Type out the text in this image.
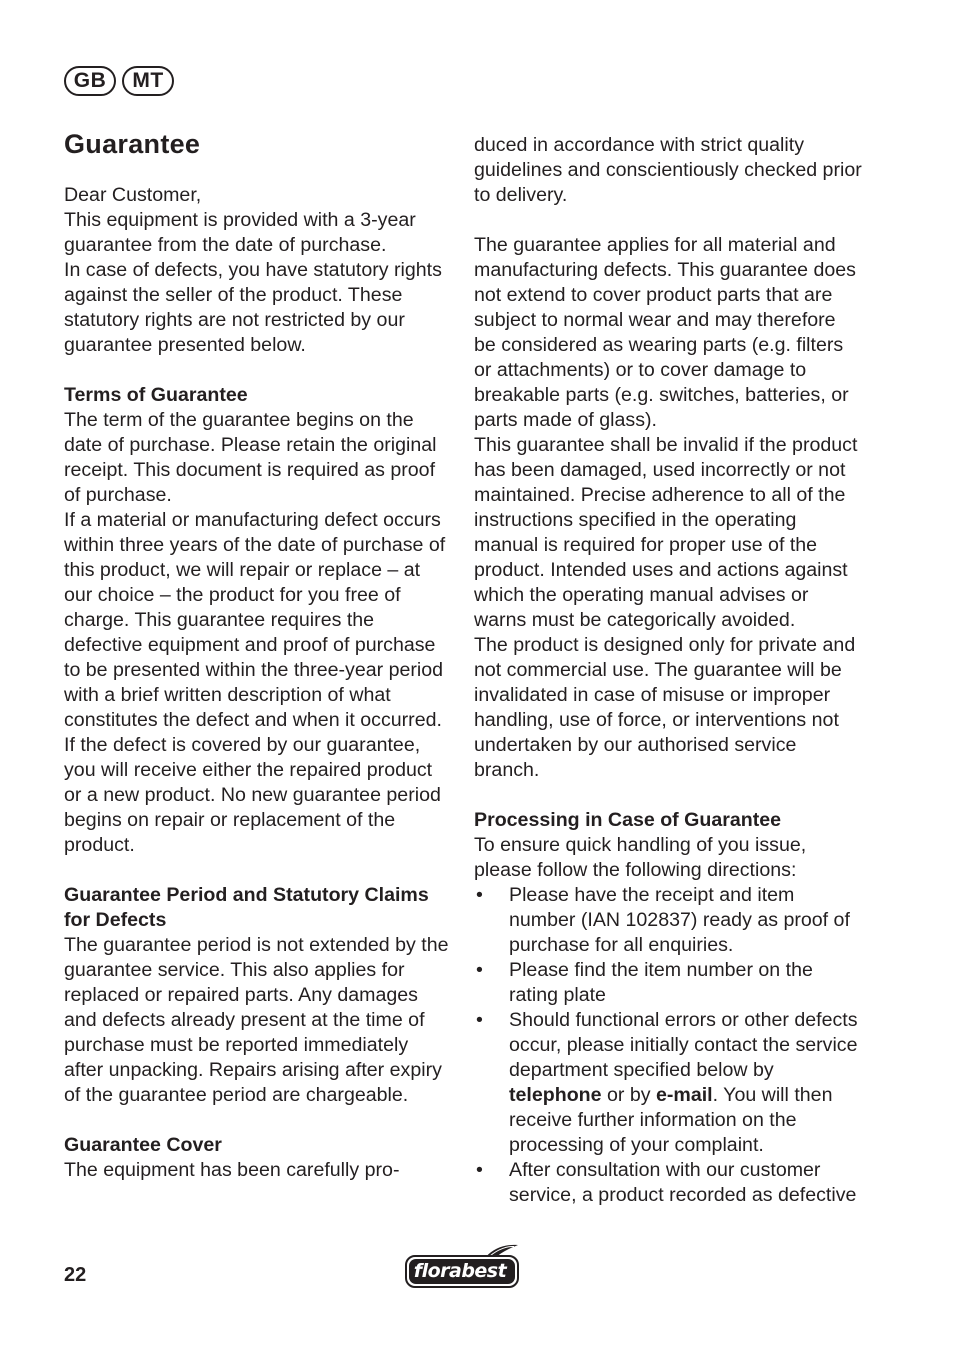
GB	MT
Guarantee

Dear Customer,

This equipment is provided with a 3-year guarantee from the date of purchase.

In case of defects, you have statutory rights against the seller of the product. These statutory rights are not restricted by our guarantee presented below.

Terms of Guarantee

The term of the guarantee begins on the date of purchase. Please retain the original receipt. This document is required as proof of purchase.

If a material or manufacturing defect occurs within three years of the date of purchase of this product, we will repair or replace – at our choice – the product for you free of charge. This guarantee requires the defective equipment and proof of purchase to be presented within the three-year period with a brief written description of what constitutes the defect and when it occurred.

If the defect is covered by our guarantee, you will receive either the repaired product or a new product. No new guarantee period begins on repair or replacement of the product.

Guarantee Period and Statutory Claims for Defects

The guarantee period is not extended by the guarantee service. This also applies for replaced or repaired parts. Any damages and defects already present at the time of purchase must be reported immediately after unpacking. Repairs arising after expiry of the guarantee period are chargeable.

Guarantee Cover

The equipment has been carefully pro-

duced in accordance with strict quality guidelines and conscientiously checked prior to delivery.

The guarantee applies for all material and manufacturing defects. This guarantee does not extend to cover product parts that are subject to normal wear and may therefore be considered as wearing parts (e.g. filters or attachments) or to cover damage to breakable parts (e.g. switches, batteries, or parts made of glass).

This guarantee shall be invalid if the product has been damaged, used incorrectly or not maintained. Precise adherence to all of the instructions specified in the operating manual is required for proper use of the product. Intended uses and actions against which the operating manual advises or warns must be categorically avoided.

The product is designed only for private and not commercial use. The guarantee will be invalidated in case of misuse or improper handling, use of force, or interventions not undertaken by our authorised service branch.

Processing in Case of Guarantee

To ensure quick handling of you issue, please follow the following directions:

• Please have the receipt and item number (IAN 102837) ready as proof of purchase for all enquiries.
• Please find the item number on the rating plate
• Should functional errors or other defects occur, please initially contact the service department specified below by telephone or by e-mail. You will then receive further information on the processing of your complaint.
• After consultation with our customer service, a product recorded as defective
22	florabest
